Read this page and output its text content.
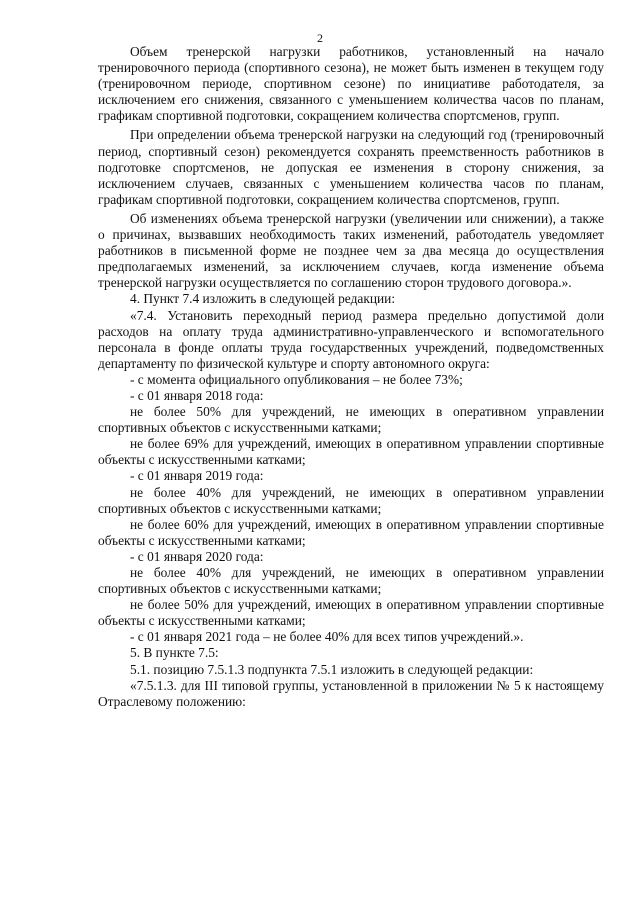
2

Объем тренерской нагрузки работников, установленный на начало тренировочного периода (спортивного сезона), не может быть изменен в текущем году (тренировочном периоде, спортивном сезоне) по инициативе работодателя, за исключением его снижения, связанного с уменьшением количества часов по планам, графикам спортивной подготовки, сокращением количества спортсменов, групп.

При определении объема тренерской нагрузки на следующий год (тренировочный период, спортивный сезон) рекомендуется сохранять преемственность работников в подготовке спортсменов, не допуская ее изменения в сторону снижения, за исключением случаев, связанных с уменьшением количества часов по планам, графикам спортивной подготовки, сокращением количества спортсменов, групп.

Об изменениях объема тренерской нагрузки (увеличении или снижении), а также о причинах, вызвавших необходимость таких изменений, работодатель уведомляет работников в письменной форме не позднее чем за два месяца до осуществления предполагаемых изменений, за исключением случаев, когда изменение объема тренерской нагрузки осуществляется по соглашению сторон трудового договора.».

4. Пункт 7.4 изложить в следующей редакции:

«7.4. Установить переходный период размера предельно допустимой доли расходов на оплату труда административно-управленческого и вспомогательного персонала в фонде оплаты труда государственных учреждений, подведомственных департаменту по физической культуре и спорту автономного округа:

- с момента официального опубликования – не более 73%;

- с 01 января 2018 года:

не более 50% для учреждений, не имеющих в оперативном управлении спортивных объектов с искусственными катками;

не более 69% для учреждений, имеющих в оперативном управлении спортивные объекты с искусственными катками;

- с 01 января 2019 года:

не более 40% для учреждений, не имеющих в оперативном управлении спортивных объектов с искусственными катками;

не более 60% для учреждений, имеющих в оперативном управлении спортивные объекты с искусственными катками;

- с 01 января 2020 года:

не более 40% для учреждений, не имеющих в оперативном управлении спортивных объектов с искусственными катками;

не более 50% для учреждений, имеющих в оперативном управлении спортивные объекты с искусственными катками;

- с 01 января 2021 года – не более 40% для всех типов учреждений.».

5. В пункте 7.5:

5.1. позицию 7.5.1.3 подпункта 7.5.1 изложить в следующей редакции:

«7.5.1.3. для III типовой группы, установленной в приложении № 5 к настоящему Отраслевому положению:
